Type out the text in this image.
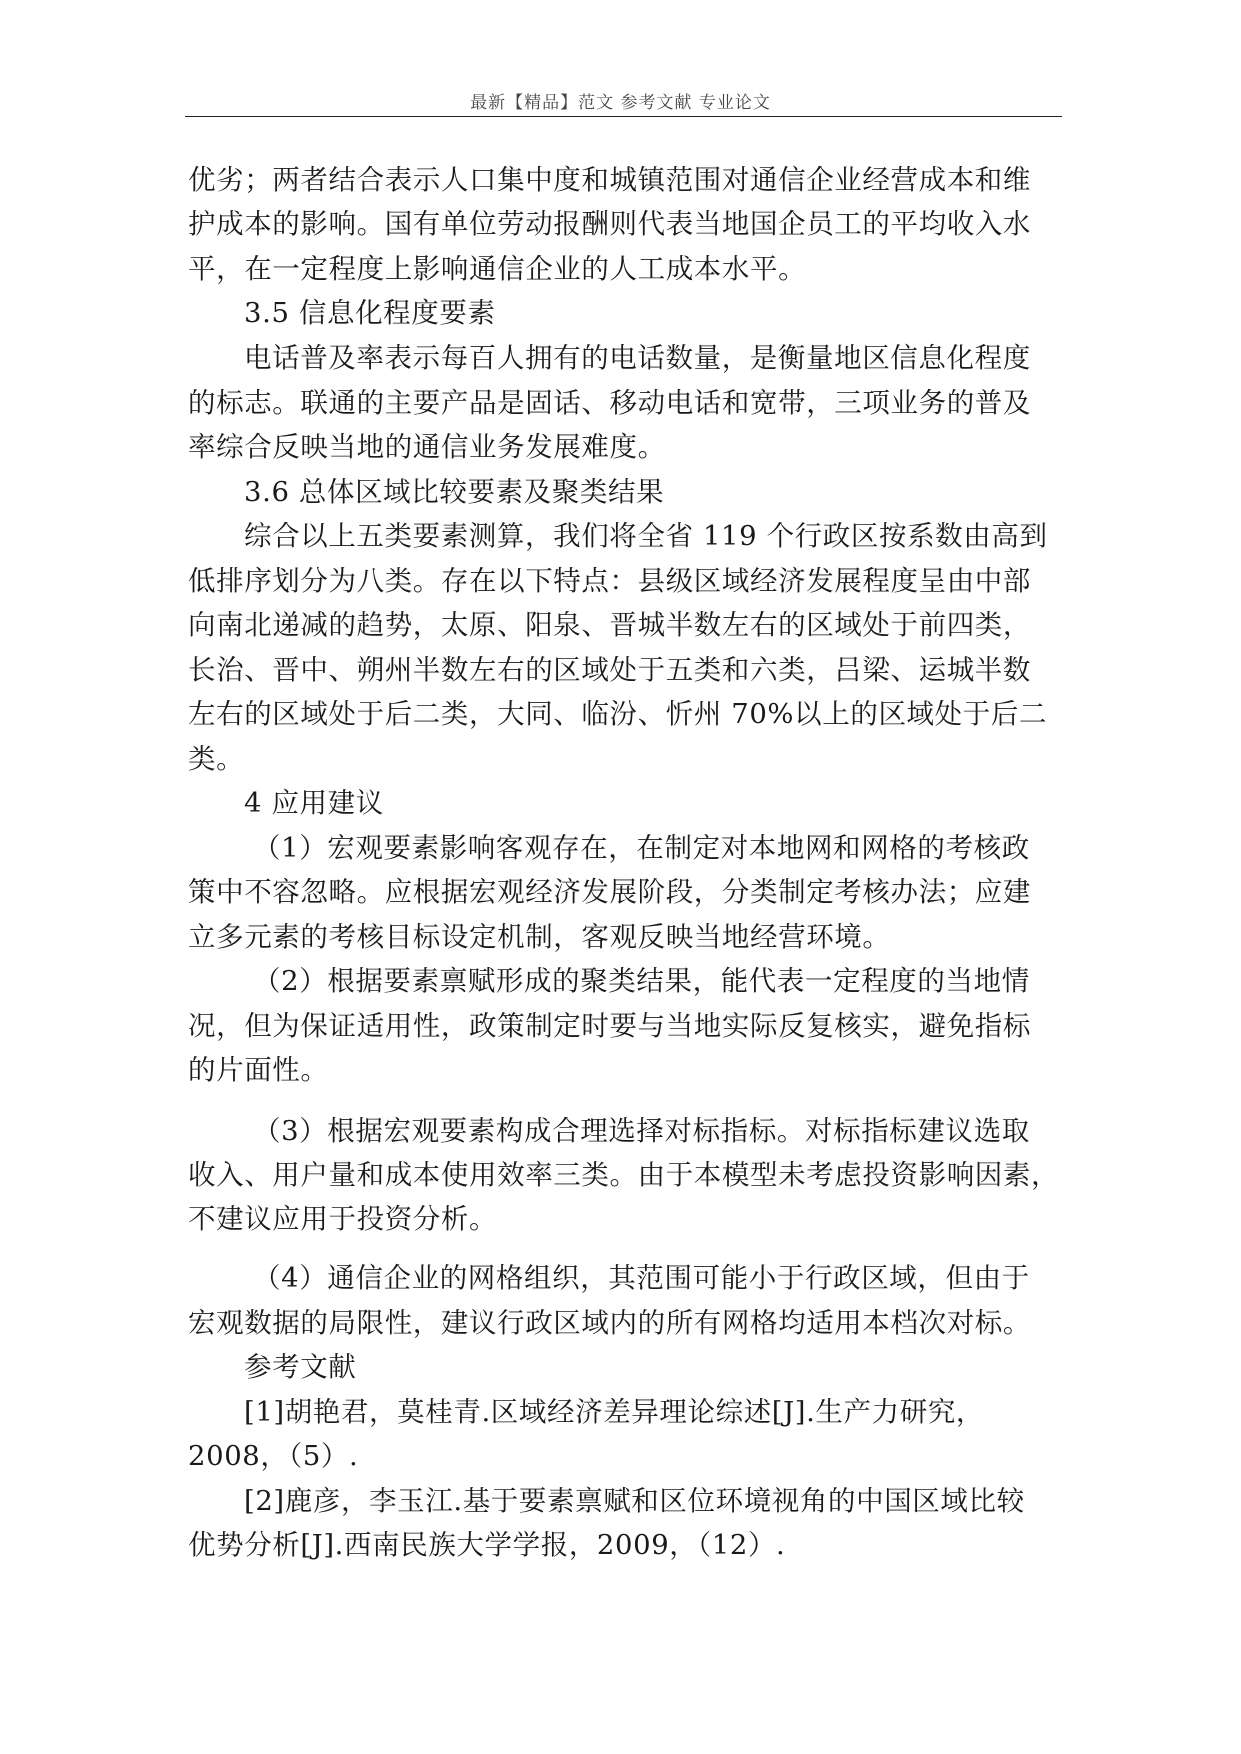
最新【精品】范文 参考文献 专业论文
优劣；两者结合表示人口集中度和城镇范围对通信企业经营成本和维
护成本的影响。国有单位劳动报酬则代表当地国企员工的平均收入水
平，在一定程度上影响通信企业的人工成本水平。
3.5 信息化程度要素
电话普及率表示每百人拥有的电话数量，是衡量地区信息化程度
的标志。联通的主要产品是固话、移动电话和宽带，三项业务的普及
率综合反映当地的通信业务发展难度。
3.6 总体区域比较要素及聚类结果
综合以上五类要素测算，我们将全省 119 个行政区按系数由高到
低排序划分为八类。存在以下特点：县级区域经济发展程度呈由中部
向南北递减的趋势，太原、阳泉、晋城半数左右的区域处于前四类，
长治、晋中、朔州半数左右的区域处于五类和六类，吕梁、运城半数
左右的区域处于后二类，大同、临汾、忻州 70%以上的区域处于后二
类。
4 应用建议
（1）宏观要素影响客观存在，在制定对本地网和网格的考核政
策中不容忽略。应根据宏观经济发展阶段，分类制定考核办法；应建
立多元素的考核目标设定机制，客观反映当地经营环境。
（2）根据要素禀赋形成的聚类结果，能代表一定程度的当地情
况，但为保证适用性，政策制定时要与当地实际反复核实，避免指标
的片面性。
（3）根据宏观要素构成合理选择对标指标。对标指标建议选取
收入、用户量和成本使用效率三类。由于本模型未考虑投资影响因素，
不建议应用于投资分析。
（4）通信企业的网格组织，其范围可能小于行政区域，但由于
宏观数据的局限性，建议行政区域内的所有网格均适用本档次对标。
参考文献
[1]胡艳君，莫桂青.区域经济差异理论综述[J].生产力研究，
2008，（5）.
[2]鹿彦，李玉江.基于要素禀赋和区位环境视角的中国区域比较
优势分析[J].西南民族大学学报，2009，（12）.
